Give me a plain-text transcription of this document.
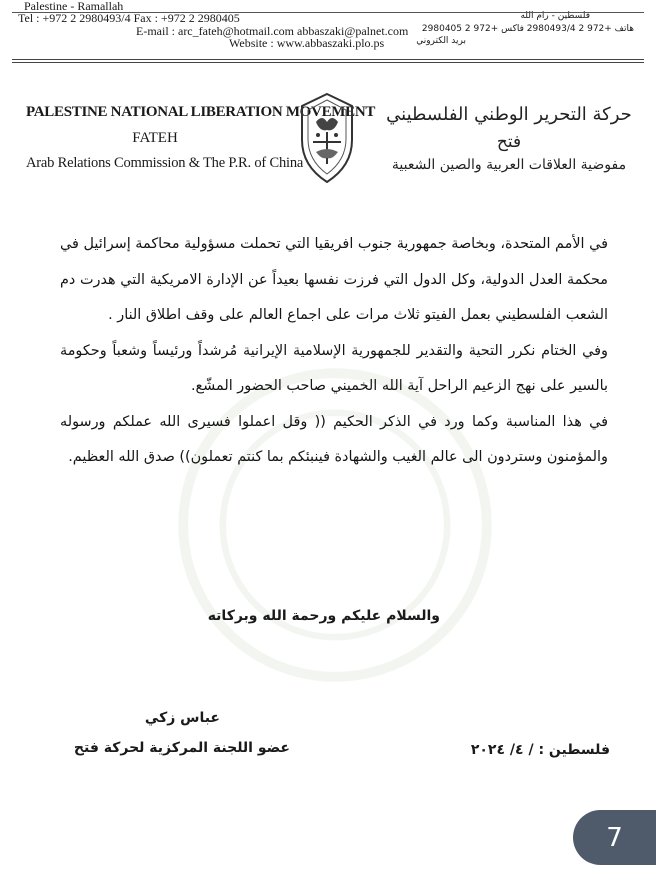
Palestine - Ramallah
Tel : +972 2 2980493/4 Fax : +972 2 2980405
E-mail : arc_fateh@hotmail.com abbaszaki@palnet.com
Website : www.abbaszaki.plo.ps
فلسطين - رام الله
هاتف +972 2 2980493/4 فاكس +972 2 2980405
بريد الكتروني
PALESTINE NATIONAL LIBERATION MOVEMENT
FATEH
Arab Relations Commission & The P.R. of China
حركة التحرير الوطني الفلسطيني
فتح
مفوضية العلاقات العربية والصين الشعبية

في الأمم المتحدة، وبخاصة جمهورية جنوب افريقيا التي تحملت مسؤولية محاكمة إسرائيل في محكمة العدل الدولية، وكل الدول التي فرزت نفسها بعيداً عن الإدارة الامريكية التي هدرت دم الشعب الفلسطيني بعمل الفيتو ثلاث مرات على اجماع العالم على وقف اطلاق النار .

وفي الختام نكرر التحية والتقدير للجمهورية الإسلامية الإيرانية مُرشداً ورئيساً وشعباً وحكومة بالسير على نهج الزعيم الراحل آية الله الخميني صاحب الحضور المشّع.

في هذا المناسبة وكما ورد في الذكر الحكيم (( وقل اعملوا فسيرى الله عملكم ورسوله والمؤمنون وستردون الى عالم الغيب والشهادة فينبئكم بما كنتم تعملون)) صدق الله العظيم.

والسلام عليكم ورحمة الله وبركاته
عباس زكي
عضو اللجنة المركزية لحركة فتح	فلسطين : / ٤/ ٢٠٢٤
7
